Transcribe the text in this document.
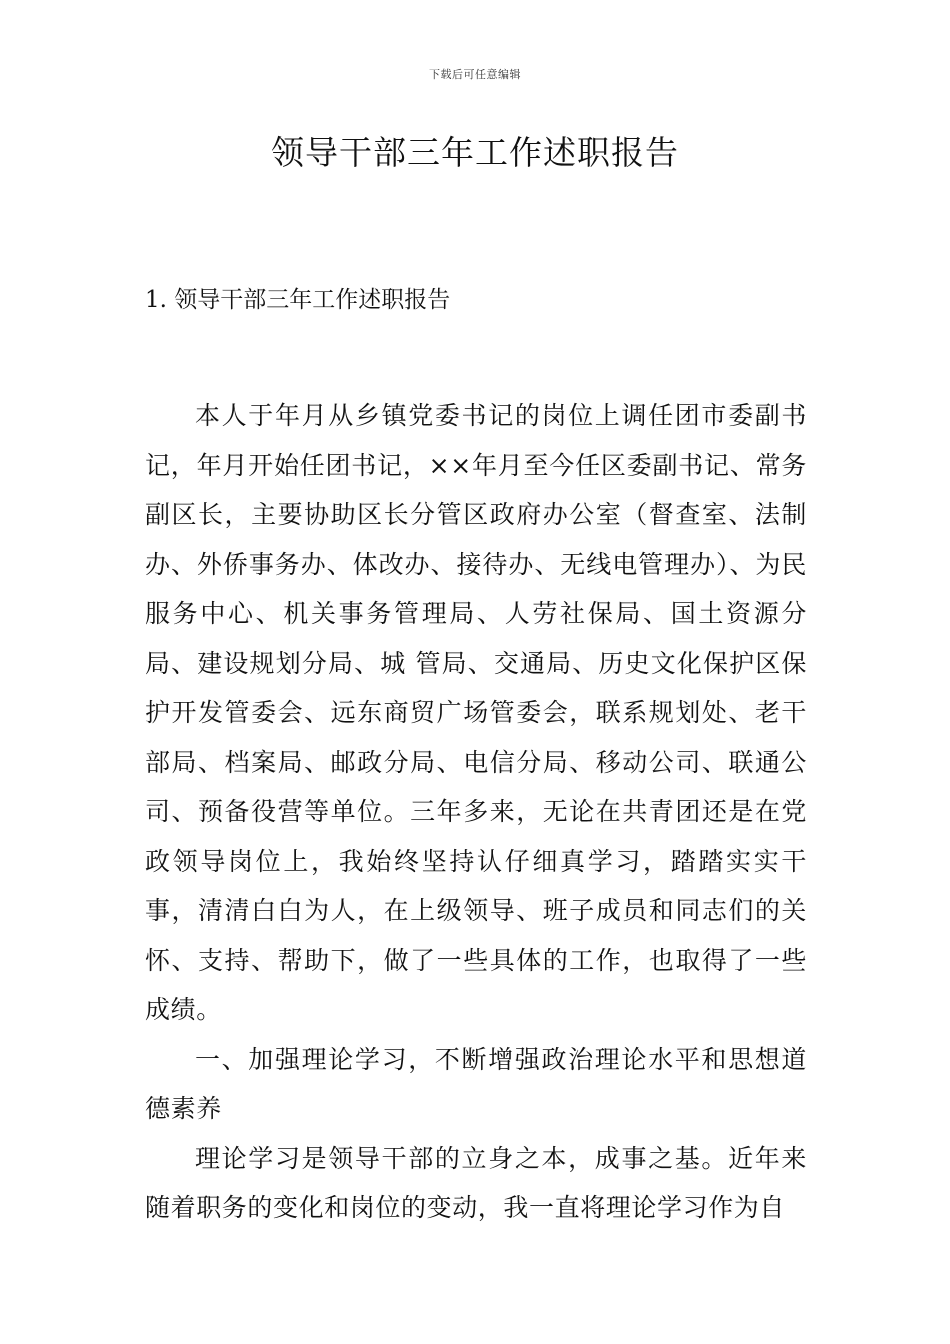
下载后可任意编辑
领导干部三年工作述职报告

1. 领导干部三年工作述职报告

本人于年月从乡镇党委书记的岗位上调任团市委副书记，年月开始任团书记，××年月至今任区委副书记、常务副区长，主要协助区长分管区政府办公室（督查室、法制办、外侨事务办、体改办、接待办、无线电管理办）、为民服务中心、机关事务管理局、人劳社保局、国土资源分局、建设规划分局、城 管局、交通局、历史文化保护区保护开发管委会、远东商贸广场管委会，联系规划处、老干部局、档案局、邮政分局、电信分局、移动公司、联通公司、预备役营等单位。三年多来，无论在共青团还是在党政领导岗位上，我始终坚持认仔细真学习，踏踏实实干事，清清白白为人，在上级领导、班子成员和同志们的关怀、支持、帮助下，做了一些具体的工作，也取得了一些成绩。

一、加强理论学习，不断增强政治理论水平和思想道德素养

理论学习是领导干部的立身之本，成事之基。近年来随着职务的变化和岗位的变动，我一直将理论学习作为自
